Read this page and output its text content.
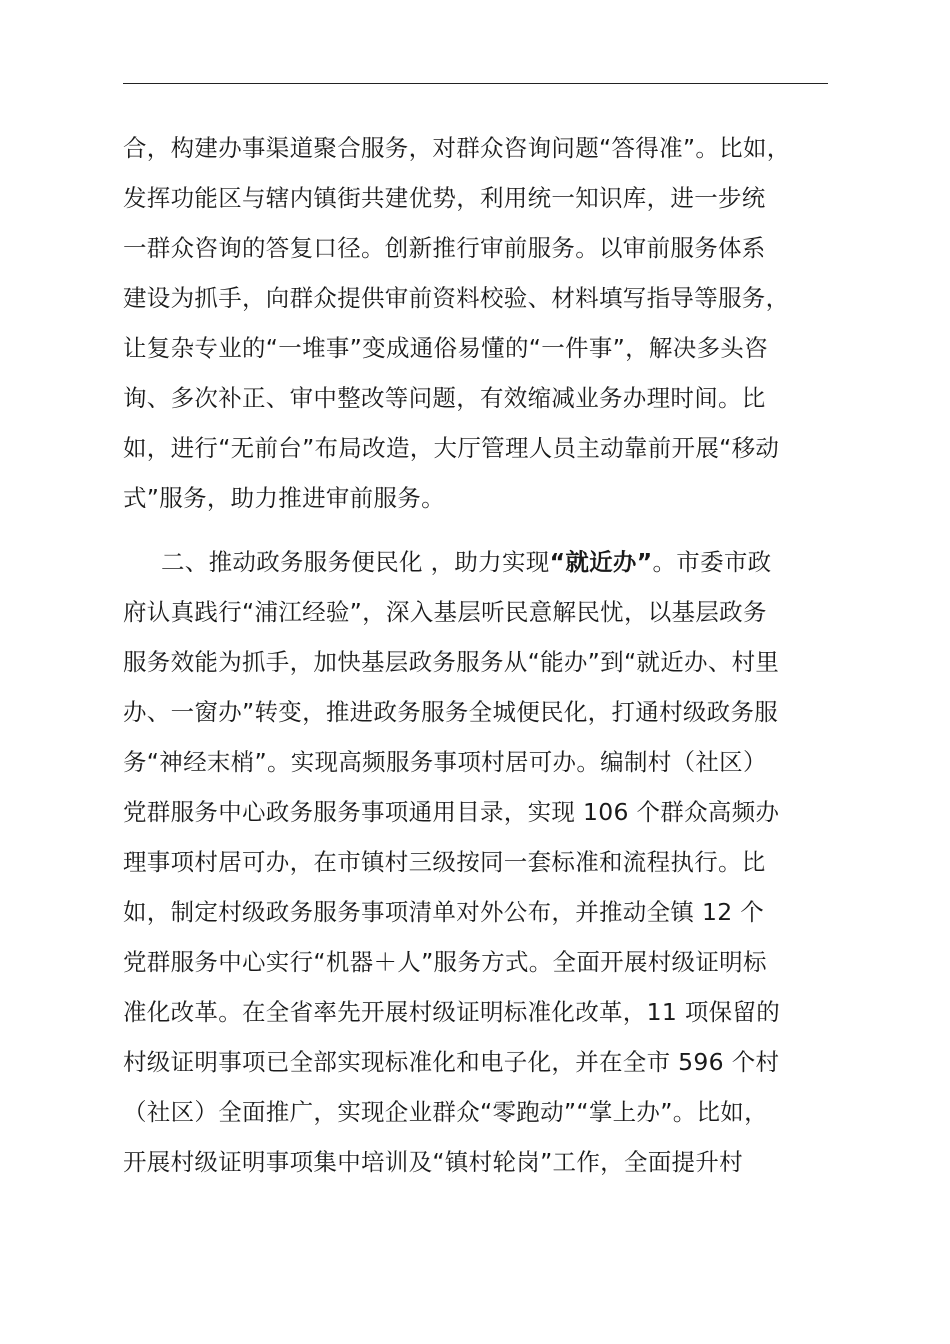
合，构建办事渠道聚合服务，对群众咨询问题“答得准”。比如，
发挥功能区与辖内镇街共建优势，利用统一知识库，进一步统
一群众咨询的答复口径。创新推行审前服务。以审前服务体系
建设为抓手，向群众提供审前资料校验、材料填写指导等服务，
让复杂专业的“一堆事”变成通俗易懂的“一件事”，解决多头咨
询、多次补正、审中整改等问题，有效缩减业务办理时间。比
如，进行“无前台”布局改造，大厅管理人员主动靠前开展“移动
式”服务，助力推进审前服务。
二、推动政务服务便民化 ，助力实现“就近办”。市委市政
府认真践行“浦江经验”，深入基层听民意解民忧，以基层政务
服务效能为抓手，加快基层政务服务从“能办”到“就近办、村里
办、一窗办”转变，推进政务服务全城便民化，打通村级政务服
务“神经末梢”。实现高频服务事项村居可办。编制村（社区）
党群服务中心政务服务事项通用目录，实现 106 个群众高频办
理事项村居可办，在市镇村三级按同一套标准和流程执行。比
如，制定村级政务服务事项清单对外公布，并推动全镇 12 个
党群服务中心实行“机器＋人”服务方式。全面开展村级证明标
准化改革。在全省率先开展村级证明标准化改革，11 项保留的
村级证明事项已全部实现标准化和电子化，并在全市 596 个村
（社区）全面推广，实现企业群众“零跑动”“掌上办”。比如，
开展村级证明事项集中培训及“镇村轮岗”工作，全面提升村
